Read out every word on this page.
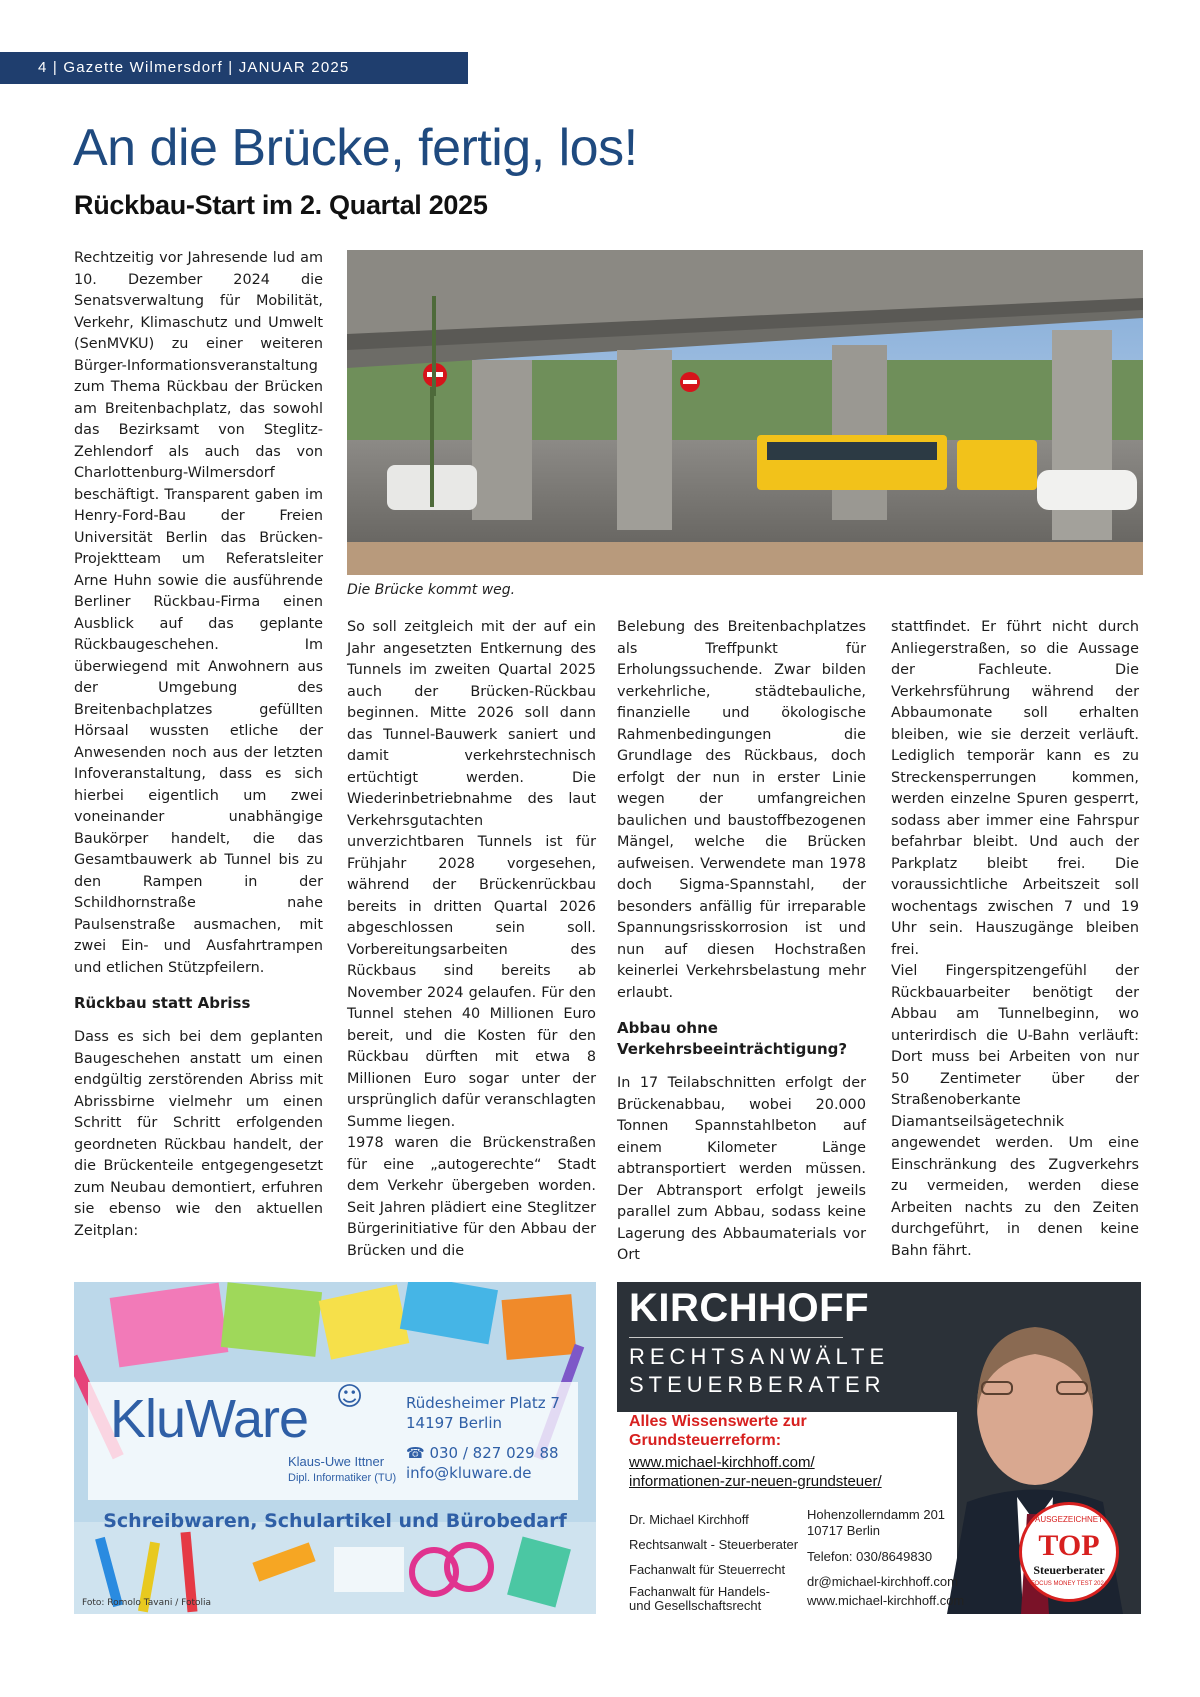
4 | Gazette Wilmersdorf | JANUAR 2025
An die Brücke, fertig, los!
Rückbau-Start im 2. Quartal 2025

Rechtzeitig vor Jahresende lud am 10. Dezember 2024 die Senatsverwaltung für Mobilität, Verkehr, Klimaschutz und Umwelt (SenMVKU) zu einer weiteren Bürger-Informationsveranstaltung zum Thema Rückbau der Brücken am Breitenbachplatz, das sowohl das Bezirksamt von Steglitz-Zehlendorf als auch das von Charlottenburg-Wilmersdorf beschäftigt. Transparent gaben im Henry-Ford-Bau der Freien Universität Berlin das Brücken-Projektteam um Referatsleiter Arne Huhn sowie die ausführende Berliner Rückbau-Firma einen Ausblick auf das geplante Rückbaugeschehen. Im überwiegend mit Anwohnern aus der Umgebung des Breitenbachplatzes gefüllten Hörsaal wussten etliche der Anwesenden noch aus der letzten Infoveranstaltung, dass es sich hierbei eigentlich um zwei voneinander unabhängige Baukörper handelt, die das Gesamtbauwerk ab Tunnel bis zu den Rampen in der Schildhornstraße nahe Paulsenstraße ausmachen, mit zwei Ein- und Ausfahrtrampen und etlichen Stützpfeilern.

Rückbau statt Abriss

Dass es sich bei dem geplanten Baugeschehen anstatt um einen endgültig zerstörenden Abriss mit Abrissbirne vielmehr um einen Schritt für Schritt erfolgenden geordneten Rückbau handelt, der die Brückenteile entgegengesetzt zum Neubau demontiert, erfuhren sie ebenso wie den aktuellen Zeitplan:

Die Brücke kommt weg.

So soll zeitgleich mit der auf ein Jahr angesetzten Entkernung des Tunnels im zweiten Quartal 2025 auch der Brücken-Rückbau beginnen. Mitte 2026 soll dann das Tunnel-Bauwerk saniert und damit verkehrstechnisch ertüchtigt werden. Die Wiederinbetriebnahme des laut Verkehrsgutachten unverzichtbaren Tunnels ist für Frühjahr 2028 vorgesehen, während der Brückenrückbau bereits in dritten Quartal 2026 abgeschlossen sein soll. Vorbereitungsarbeiten des Rückbaus sind bereits ab November 2024 gelaufen. Für den Tunnel stehen 40 Millionen Euro bereit, und die Kosten für den Rückbau dürften mit etwa 8 Millionen Euro sogar unter der ursprünglich dafür veranschlagten Summe liegen.

1978 waren die Brückenstraßen für eine „autogerechte“ Stadt dem Verkehr übergeben worden. Seit Jahren plädiert eine Steglitzer Bürgerinitiative für den Abbau der Brücken und die

Belebung des Breitenbachplatzes als Treffpunkt für Erholungssuchende. Zwar bilden verkehrliche, städtebauliche, finanzielle und ökologische Rahmenbedingungen die Grundlage des Rückbaus, doch erfolgt der nun in erster Linie wegen der umfangreichen baulichen und baustoffbezogenen Mängel, welche die Brücken aufweisen. Verwendete man 1978 doch Sigma-Spannstahl, der besonders anfällig für irreparable Spannungsrisskorrosion ist und nun auf diesen Hochstraßen keinerlei Verkehrsbelastung mehr erlaubt.

Abbau ohne Verkehrsbeeinträchtigung?

In 17 Teilabschnitten erfolgt der Brückenabbau, wobei 20.000 Tonnen Spannstahlbeton auf einem Kilometer Länge abtransportiert werden müssen. Der Abtransport erfolgt jeweils parallel zum Abbau, sodass keine Lagerung des Abbaumaterials vor Ort

stattfindet. Er führt nicht durch Anliegerstraßen, so die Aussage der Fachleute. Die Verkehrsführung während der Abbaumonate soll erhalten bleiben, wie sie derzeit verläuft. Lediglich temporär kann es zu Streckensperrungen kommen, werden einzelne Spuren gesperrt, sodass aber immer eine Fahrspur befahrbar bleibt. Und auch der Parkplatz bleibt frei. Die voraussichtliche Arbeitszeit soll wochentags zwischen 7 und 19 Uhr sein. Hauszugänge bleiben frei.

Viel Fingerspitzengefühl der Rückbauarbeiter benötigt der Abbau am Tunnelbeginn, wo unterirdisch die U-Bahn verläuft: Dort muss bei Arbeiten von nur 50 Zentimeter über der Straßenoberkante Diamantseilsägetechnik angewendet werden. Um eine Einschränkung des Zugverkehrs zu vermeiden, werden diese Arbeiten nachts zu den Zeiten durchgeführt, in denen keine Bahn fährt.

KluWare ☺
Klaus-Uwe Ittner
Dipl. Informatiker (TU)
Rüdesheimer Platz 7
14197 Berlin
☎ 030 / 827 029 88
info@kluware.de
Schreibwaren, Schulartikel und Bürobedarf
Foto: Romolo Tavani / Fotolia
KIRCHHOFF
RECHTSANWÄLTE
STEUERBERATER
Alles Wissenswerte zur Grundsteuerreform:
www.michael-kirchhoff.com/
informationen-zur-neuen-grundsteuer/
Dr. Michael Kirchhoff
Rechtsanwalt - Steuerberater
Fachanwalt für Steuerrecht
Fachanwalt für Handels-
und Gesellschaftsrecht
Hohenzollerndamm 201
10717 Berlin
Telefon: 030/8649830
dr@michael-kirchhoff.com
www.michael-kirchhoff.com
AUSGEZEICHNET
TOP
Steuerberater
FOCUS MONEY TEST 2024
